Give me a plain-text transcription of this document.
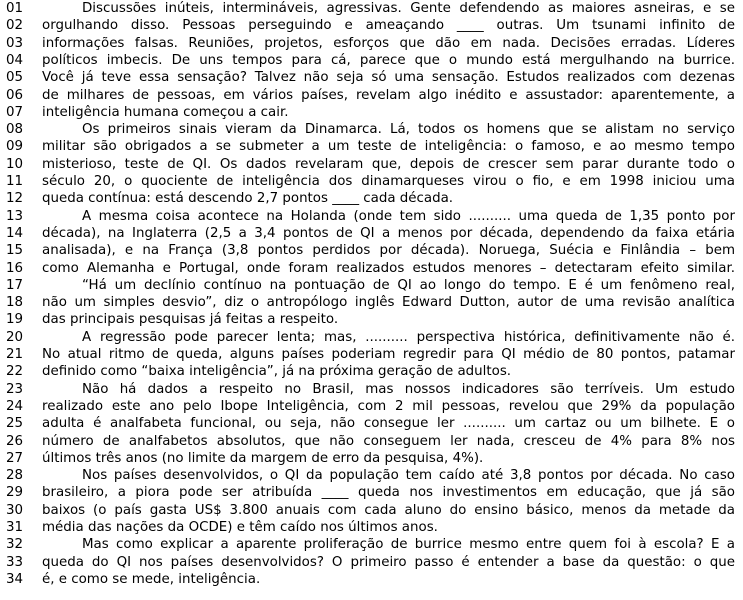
01	Discussões inúteis, intermináveis, agressivas. Gente defendendo as maiores asneiras, e se
02 orgulhando disso. Pessoas perseguindo e ameaçando ____ outras. Um tsunami infinito de
03 informações falsas. Reuniões, projetos, esforços que dão em nada. Decisões erradas. Líderes
04 políticos imbecis. De uns tempos para cá, parece que o mundo está mergulhando na burrice.
05 Você já teve essa sensação? Talvez não seja só uma sensação. Estudos realizados com dezenas
06 de milhares de pessoas, em vários países, revelam algo inédito e assustador: aparentemente, a
07 inteligência humana começou a cair.
08	Os primeiros sinais vieram da Dinamarca. Lá, todos os homens que se alistam no serviço
09 militar são obrigados a se submeter a um teste de inteligência: o famoso, e ao mesmo tempo
10 misterioso, teste de QI. Os dados revelaram que, depois de crescer sem parar durante todo o
11 século 20, o quociente de inteligência dos dinamarqueses virou o fio, e em 1998 iniciou uma
12 queda contínua: está descendo 2,7 pontos ____ cada década.
13	A mesma coisa acontece na Holanda (onde tem sido .......... uma queda de 1,35 ponto por
14 década), na Inglaterra (2,5 a 3,4 pontos de QI a menos por década, dependendo da faixa etária
15 analisada), e na França (3,8 pontos perdidos por década). Noruega, Suécia e Finlândia – bem
16 como Alemanha e Portugal, onde foram realizados estudos menores – detectaram efeito similar.
17	“Há um declínio contínuo na pontuação de QI ao longo do tempo. E é um fenômeno real,
18 não um simples desvio”, diz o antropólogo inglês Edward Dutton, autor de uma revisão analítica
19 das principais pesquisas já feitas a respeito.
20	A regressão pode parecer lenta; mas, .......... perspectiva histórica, definitivamente não é.
21 No atual ritmo de queda, alguns países poderiam regredir para QI médio de 80 pontos, patamar
22 definido como “baixa inteligência”, já na próxima geração de adultos.
23	Não há dados a respeito no Brasil, mas nossos indicadores são terríveis. Um estudo
24 realizado este ano pelo Ibope Inteligência, com 2 mil pessoas, revelou que 29% da população
25 adulta é analfabeta funcional, ou seja, não consegue ler .......... um cartaz ou um bilhete. E o
26 número de analfabetos absolutos, que não conseguem ler nada, cresceu de 4% para 8% nos
27 últimos três anos (no limite da margem de erro da pesquisa, 4%).
28	Nos países desenvolvidos, o QI da população tem caído até 3,8 pontos por década. No caso
29 brasileiro, a piora pode ser atribuída ____ queda nos investimentos em educação, que já são
30 baixos (o país gasta US$ 3.800 anuais com cada aluno do ensino básico, menos da metade da
31 média das nações da OCDE) e têm caído nos últimos anos.
32	Mas como explicar a aparente proliferação de burrice mesmo entre quem foi à escola? E a
33 queda do QI nos países desenvolvidos? O primeiro passo é entender a base da questão: o que
34 é, e como se mede, inteligência.
